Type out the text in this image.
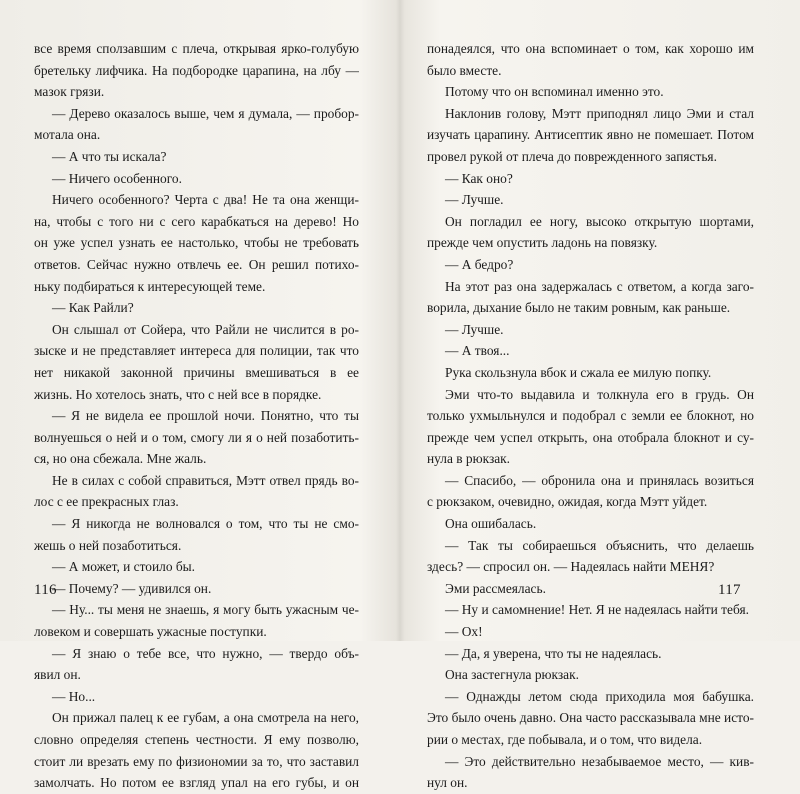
все время сползавшим с плеча, открывая ярко-голубую
бретельку лифчика. На подбородке царапина, на лбу —
мазок грязи.
— Дерево оказалось выше, чем я думала, — пробор-
мотала она.
— А что ты искала?
— Ничего особенного.
Ничего особенного? Черта с два! Не та она женщи-
на, чтобы с того ни с сего карабкаться на дерево! Но
он уже успел узнать ее настолько, чтобы не требовать
ответов. Сейчас нужно отвлечь ее. Он решил потихо-
ньку подбираться к интересующей теме.
— Как Райли?
Он слышал от Сойера, что Райли не числится в ро-
зыске и не представляет интереса для полиции, так что
нет никакой законной причины вмешиваться в ее
жизнь. Но хотелось знать, что с ней все в порядке.
— Я не видела ее прошлой ночи. Понятно, что ты
волнуешься о ней и о том, смогу ли я о ней позаботить-
ся, но она сбежала. Мне жаль.
Не в силах с собой справиться, Мэтт отвел прядь во-
лос с ее прекрасных глаз.
— Я никогда не волновался о том, что ты не смо-
жешь о ней позаботиться.
— А может, и стоило бы.
— Почему? — удивился он.
— Ну... ты меня не знаешь, я могу быть ужасным че-
ловеком и совершать ужасные поступки.
— Я знаю о тебе все, что нужно, — твердо объ-
явил он.
— Но...
Он прижал палец к ее губам, а она смотрела на него,
словно определяя степень честности. Я ему позволю,
стоит ли врезать ему по физиономии за то, что заставил
замолчать. Но потом ее взгляд упал на его губы, и он
116
понадеялся, что она вспоминает о том, как хорошо им
было вместе.
Потому что он вспоминал именно это.
Наклонив голову, Мэтт приподнял лицо Эми и стал
изучать царапину. Антисептик явно не помешает. Потом
провел рукой от плеча до поврежденного запястья.
— Как оно?
— Лучше.
Он погладил ее ногу, высоко открытую шортами,
прежде чем опустить ладонь на повязку.
— А бедро?
На этот раз она задержалась с ответом, а когда заго-
ворила, дыхание было не таким ровным, как раньше.
— Лучше.
— А твоя...
Рука скользнула вбок и сжала ее милую попку.
Эми что-то выдавила и толкнула его в грудь. Он
только ухмыльнулся и подобрал с земли ее блокнот, но
прежде чем успел открыть, она отобрала блокнот и су-
нула в рюкзак.
— Спасибо, — обронила она и принялась возиться
с рюкзаком, очевидно, ожидая, когда Мэтт уйдет.
Она ошибалась.
— Так ты собираешься объяснить, что делаешь
здесь? — спросил он. — Надеялась найти МЕНЯ?
Эми рассмеялась.
— Ну и самомнение! Нет. Я не надеялась найти тебя.
— Ох!
— Да, я уверена, что ты не надеялась.
Она застегнула рюкзак.
— Однажды летом сюда приходила моя бабушка.
Это было очень давно. Она часто рассказывала мне исто-
рии о местах, где побывала, и о том, что видела.
— Это действительно незабываемое место, — кив-
нул он.
117
